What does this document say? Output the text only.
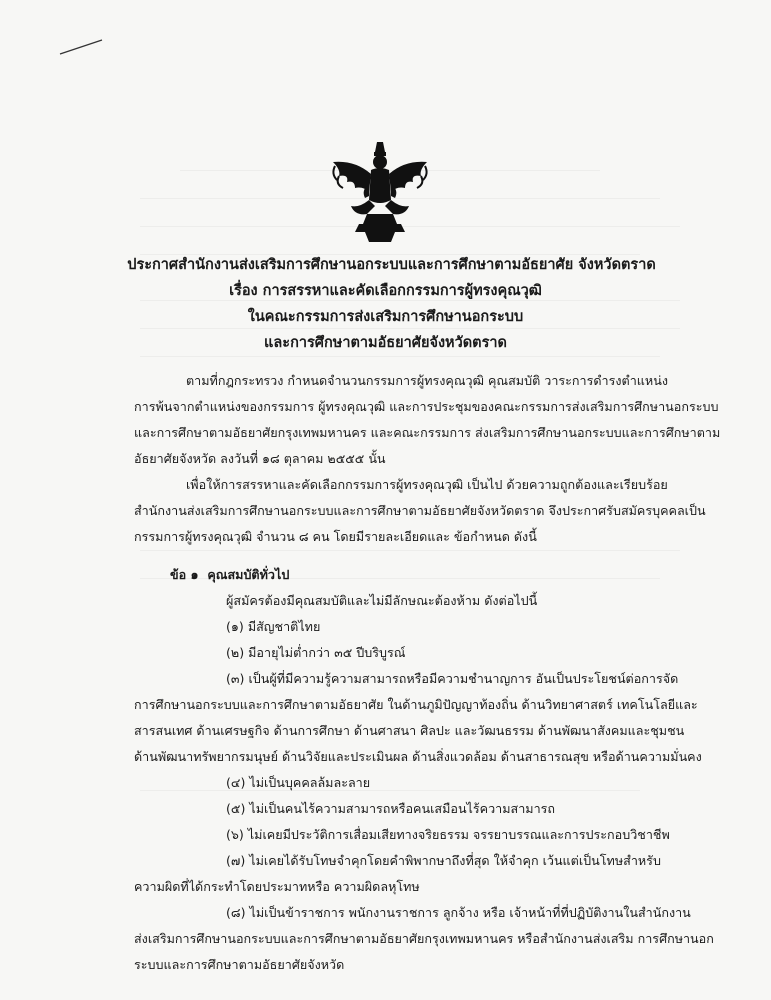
ประกาศสำนักงานส่งเสริมการศึกษานอกระบบและการศึกษาตามอัธยาศัย จังหวัดตราด
เรื่อง การสรรหาและคัดเลือกกรรมการผู้ทรงคุณวุฒิ
ในคณะกรรมการส่งเสริมการศึกษานอกระบบ
และการศึกษาตามอัธยาศัยจังหวัดตราด

ตามที่กฎกระทรวง กำหนดจำนวนกรรมการผู้ทรงคุณวุฒิ คุณสมบัติ วาระการดำรงตำแหน่ง

การพ้นจากตำแหน่งของกรรมการ ผู้ทรงคุณวุฒิ และการประชุมของคณะกรรมการส่งเสริมการศึกษานอกระบบ

และการศึกษาตามอัธยาศัยกรุงเทพมหานคร และคณะกรรมการ ส่งเสริมการศึกษานอกระบบและการศึกษาตาม

อัธยาศัยจังหวัด ลงวันที่ ๑๘ ตุลาคม ๒๕๕๕ นั้น

เพื่อให้การสรรหาและคัดเลือกกรรมการผู้ทรงคุณวุฒิ เป็นไป ด้วยความถูกต้องและเรียบร้อย

สำนักงานส่งเสริมการศึกษานอกระบบและการศึกษาตามอัธยาศัยจังหวัดตราด จึงประกาศรับสมัครบุคคลเป็น

กรรมการผู้ทรงคุณวุฒิ จำนวน ๘ คน โดยมีรายละเอียดและ ข้อกำหนด ดังนี้

ข้อ ๑ คุณสมบัติทั่วไป

ผู้สมัครต้องมีคุณสมบัติและไม่มีลักษณะต้องห้าม ดังต่อไปนี้

(๑) มีสัญชาติไทย

(๒) มีอายุไม่ต่ำกว่า ๓๕ ปีบริบูรณ์

(๓) เป็นผู้ที่มีความรู้ความสามารถหรือมีความชำนาญการ อันเป็นประโยชน์ต่อการจัด

การศึกษานอกระบบและการศึกษาตามอัธยาศัย ในด้านภูมิปัญญาท้องถิ่น ด้านวิทยาศาสตร์ เทคโนโลยีและ

สารสนเทศ ด้านเศรษฐกิจ ด้านการศึกษา ด้านศาสนา ศิลปะ และวัฒนธรรม ด้านพัฒนาสังคมและชุมชน

ด้านพัฒนาทรัพยากรมนุษย์ ด้านวิจัยและประเมินผล ด้านสิ่งแวดล้อม ด้านสาธารณสุข หรือด้านความมั่นคง

(๔) ไม่เป็นบุคคลล้มละลาย

(๕) ไม่เป็นคนไร้ความสามารถหรือคนเสมือนไร้ความสามารถ

(๖) ไม่เคยมีประวัติการเสื่อมเสียทางจริยธรรม จรรยาบรรณและการประกอบวิชาชีพ

(๗) ไม่เคยได้รับโทษจำคุกโดยคำพิพากษาถึงที่สุด ให้จำคุก เว้นแต่เป็นโทษสำหรับ

ความผิดที่ได้กระทำโดยประมาทหรือ ความผิดลหุโทษ

(๘) ไม่เป็นข้าราชการ พนักงานราชการ ลูกจ้าง หรือ เจ้าหน้าที่ที่ปฏิบัติงานในสำนักงาน

ส่งเสริมการศึกษานอกระบบและการศึกษาตามอัธยาศัยกรุงเทพมหานคร หรือสำนักงานส่งเสริม การศึกษานอก

ระบบและการศึกษาตามอัธยาศัยจังหวัด
